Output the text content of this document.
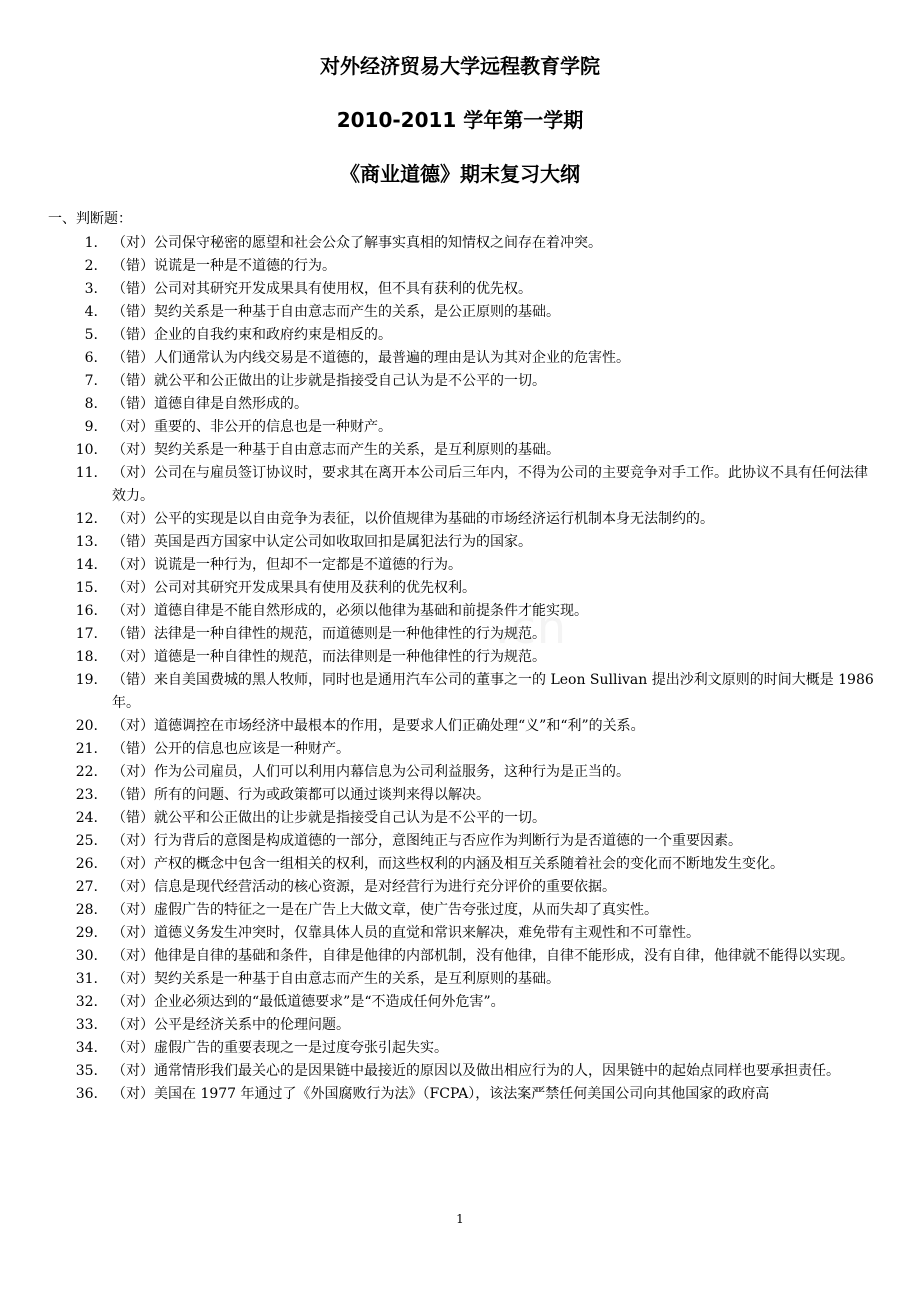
对外经济贸易大学远程教育学院
2010-2011 学年第一学期
《商业道德》期末复习大纲
.cn
一、判断题：
1. （对）公司保守秘密的愿望和社会公众了解事实真相的知情权之间存在着冲突。
2. （错）说谎是一种是不道德的行为。
3. （错）公司对其研究开发成果具有使用权，但不具有获利的优先权。
4. （错）契约关系是一种基于自由意志而产生的关系，是公正原则的基础。
5. （错）企业的自我约束和政府约束是相反的。
6. （错）人们通常认为内线交易是不道德的，最普遍的理由是认为其对企业的危害性。
7. （错）就公平和公正做出的让步就是指接受自己认为是不公平的一切。
8. （错）道德自律是自然形成的。
9. （对）重要的、非公开的信息也是一种财产。
10. （对）契约关系是一种基于自由意志而产生的关系，是互利原则的基础。
11. （对）公司在与雇员签订协议时，要求其在离开本公司后三年内，不得为公司的主要竞争对手工作。此协议不具有任何法律效力。
12. （对）公平的实现是以自由竞争为表征，以价值规律为基础的市场经济运行机制本身无法制约的。
13. （错）英国是西方国家中认定公司如收取回扣是属犯法行为的国家。
14. （对）说谎是一种行为，但却不一定都是不道德的行为。
15. （对）公司对其研究开发成果具有使用及获利的优先权利。
16. （对）道德自律是不能自然形成的，必须以他律为基础和前提条件才能实现。
17. （错）法律是一种自律性的规范，而道德则是一种他律性的行为规范。
18. （对）道德是一种自律性的规范，而法律则是一种他律性的行为规范。
19. （错）来自美国费城的黑人牧师，同时也是通用汽车公司的董事之一的 Leon Sullivan 提出沙利文原则的时间大概是 1986 年。
20. （对）道德调控在市场经济中最根本的作用，是要求人们正确处理“义”和“利”的关系。
21. （错）公开的信息也应该是一种财产。
22. （对）作为公司雇员，人们可以利用内幕信息为公司利益服务，这种行为是正当的。
23. （错）所有的问题、行为或政策都可以通过谈判来得以解决。
24. （错）就公平和公正做出的让步就是指接受自己认为是不公平的一切。
25. （对）行为背后的意图是构成道德的一部分，意图纯正与否应作为判断行为是否道德的一个重要因素。
26. （对）产权的概念中包含一组相关的权利，而这些权利的内涵及相互关系随着社会的变化而不断地发生变化。
27. （对）信息是现代经营活动的核心资源，是对经营行为进行充分评价的重要依据。
28. （对）虚假广告的特征之一是在广告上大做文章，使广告夸张过度，从而失却了真实性。
29. （对）道德义务发生冲突时，仅靠具体人员的直觉和常识来解决，难免带有主观性和不可靠性。
30. （对）他律是自律的基础和条件，自律是他律的内部机制，没有他律，自律不能形成，没有自律，他律就不能得以实现。
31. （对）契约关系是一种基于自由意志而产生的关系，是互利原则的基础。
32. （对）企业必须达到的“最低道德要求”是“不造成任何外危害”。
33. （对）公平是经济关系中的伦理问题。
34. （对）虚假广告的重要表现之一是过度夸张引起失实。
35. （对）通常情形我们最关心的是因果链中最接近的原因以及做出相应行为的人，因果链中的起始点同样也要承担责任。
36. （对）美国在 1977 年通过了《外国腐败行为法》（FCPA），该法案严禁任何美国公司向其他国家的政府高
1
